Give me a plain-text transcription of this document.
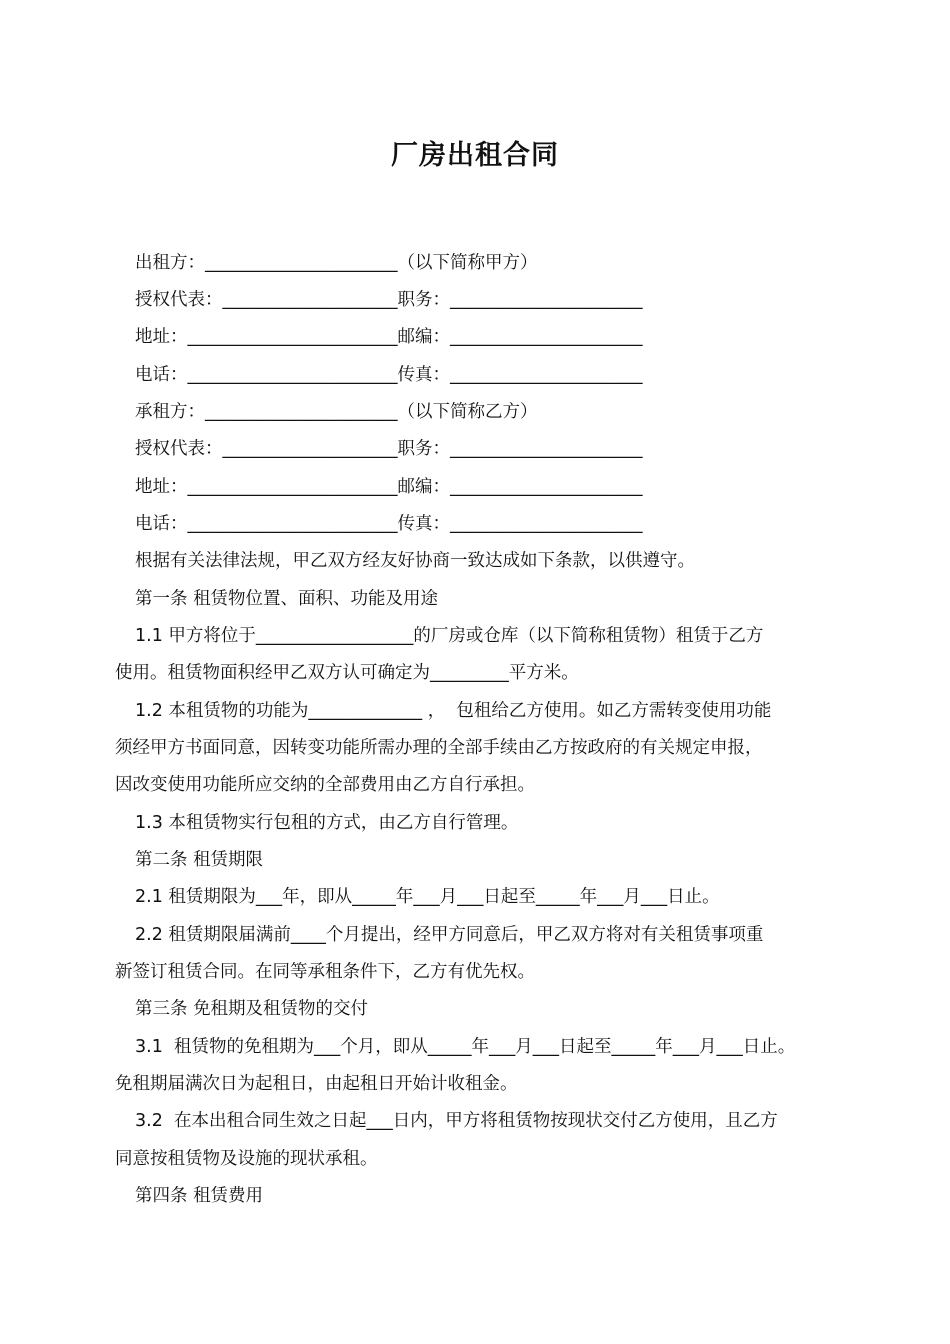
厂房出租合同
出租方：______________________（以下简称甲方）
授权代表：____________________职务：______________________
地址：________________________邮编：______________________
电话：________________________传真：______________________
承租方：______________________（以下简称乙方）
授权代表：____________________职务：______________________
地址：________________________邮编：______________________
电话：________________________传真：______________________
根据有关法律法规，甲乙双方经友好协商一致达成如下条款，以供遵守。
第一条 租赁物位置、面积、功能及用途
1.1 甲方将位于__________________的厂房或仓库（以下简称租赁物）租赁于乙方
使用。租赁物面积经甲乙双方认可确定为_________平方米。
1.2 本租赁物的功能为_____________ ，  包租给乙方使用。如乙方需转变使用功能
须经甲方书面同意，因转变功能所需办理的全部手续由乙方按政府的有关规定申报，
因改变使用功能所应交纳的全部费用由乙方自行承担。
1.3 本租赁物实行包租的方式，由乙方自行管理。
第二条 租赁期限
2.1 租赁期限为___年，即从_____年___月___日起至_____年___月___日止。
2.2 租赁期限届满前____个月提出，经甲方同意后，甲乙双方将对有关租赁事项重
新签订租赁合同。在同等承租条件下，乙方有优先权。
第三条 免租期及租赁物的交付
3.1  租赁物的免租期为___个月，即从_____年___月___日起至_____年___月___日止。
免租期届满次日为起租日，由起租日开始计收租金。
3.2  在本出租合同生效之日起___日内，甲方将租赁物按现状交付乙方使用，且乙方
同意按租赁物及设施的现状承租。
第四条 租赁费用
